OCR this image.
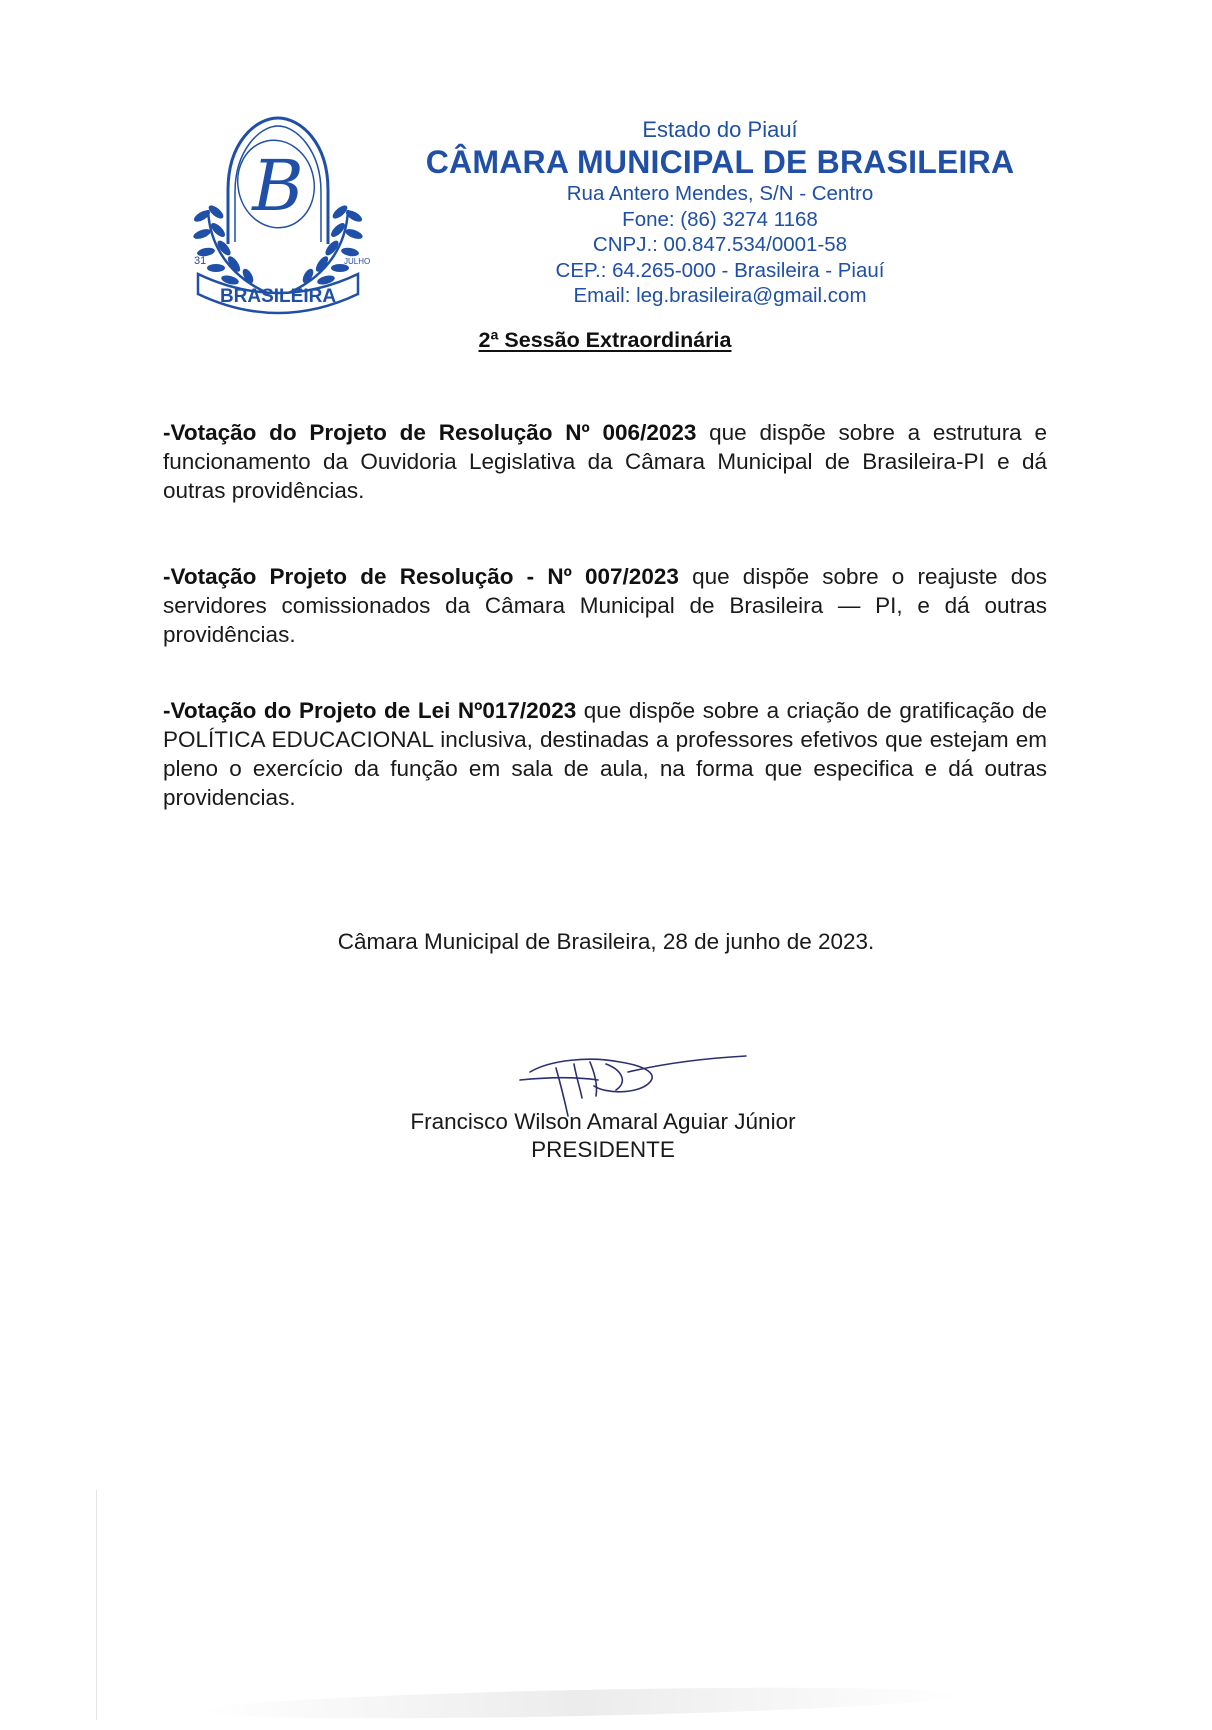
B
BRASILEIRA
31	JULHO
Estado do Piauí
CÂMARA MUNICIPAL DE BRASILEIRA
Rua Antero Mendes, S/N - Centro
Fone: (86) 3274 1168
CNPJ.: 00.847.534/0001-58
CEP.: 64.265-000 - Brasileira - Piauí
Email: leg.brasileira@gmail.com
2ª Sessão Extraordinária

-Votação do Projeto de Resolução Nº 006/2023 que dispõe sobre a estrutura e funcionamento da Ouvidoria Legislativa da Câmara Municipal de Brasileira-PI e dá outras providências.

-Votação Projeto de Resolução - Nº 007/2023 que dispõe sobre o reajuste dos servidores comissionados da Câmara Municipal de Brasileira — PI, e dá outras providências.

-Votação do Projeto de Lei Nº017/2023 que dispõe sobre a criação de gratificação de POLÍTICA EDUCACIONAL inclusiva, destinadas a professores efetivos que estejam em pleno o exercício da função em sala de aula, na forma que especifica e dá outras providencias.

Câmara Municipal de Brasileira, 28 de junho de 2023.
Francisco Wilson Amaral Aguiar Júnior
PRESIDENTE
